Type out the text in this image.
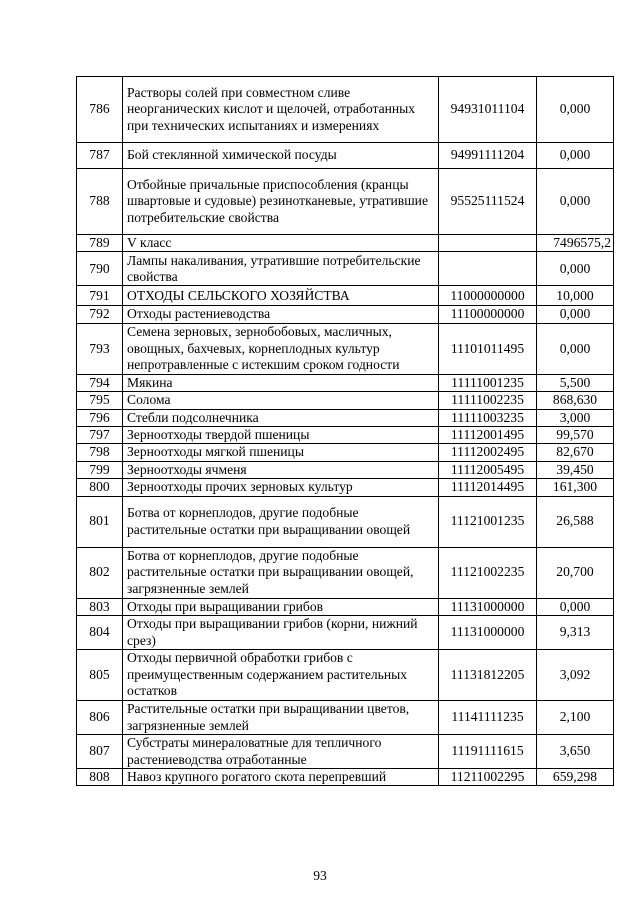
786	Растворы солей при совместном сливе неорганических кислот и щелочей, отработанных при технических испытаниях и измерениях	94931011104	0,000
787	Бой стеклянной химической посуды	94991111204	0,000
788	Отбойные причальные приспособления (кранцы швартовые и судовые) резинотканевые, утратившие потребительские свойства	95525111524	0,000
789	V класс		7496575,2
790	Лампы накаливания, утратившие потребительские свойства		0,000
791	ОТХОДЫ СЕЛЬСКОГО ХОЗЯЙСТВА	11000000000	10,000
792	Отходы растениеводства	11100000000	0,000
793	Семена зерновых, зернобобовых, масличных, овощных, бахчевых, корнеплодных культур непротравленные с истекшим сроком годности	11101011495	0,000
794	Мякина	11111001235	5,500
795	Солома	11111002235	868,630
796	Стебли подсолнечника	11111003235	3,000
797	Зерноотходы твердой пшеницы	11112001495	99,570
798	Зерноотходы мягкой пшеницы	11112002495	82,670
799	Зерноотходы ячменя	11112005495	39,450
800	Зерноотходы прочих зерновых культур	11112014495	161,300
801	Ботва от корнеплодов, другие подобные растительные остатки при выращивании овощей	11121001235	26,588
802	Ботва от корнеплодов, другие подобные растительные остатки при выращивании овощей, загрязненные землей	11121002235	20,700
803	Отходы при выращивании грибов	11131000000	0,000
804	Отходы при выращивании грибов (корни, нижний срез)	11131000000	9,313
805	Отходы первичной обработки грибов с преимущественным содержанием растительных остатков	11131812205	3,092
806	Растительные остатки при выращивании цветов, загрязненные землей	11141111235	2,100
807	Субстраты минераловатные для тепличного растениеводства отработанные	11191111615	3,650
808	Навоз крупного рогатого скота перепревший	11211002295	659,298
93
